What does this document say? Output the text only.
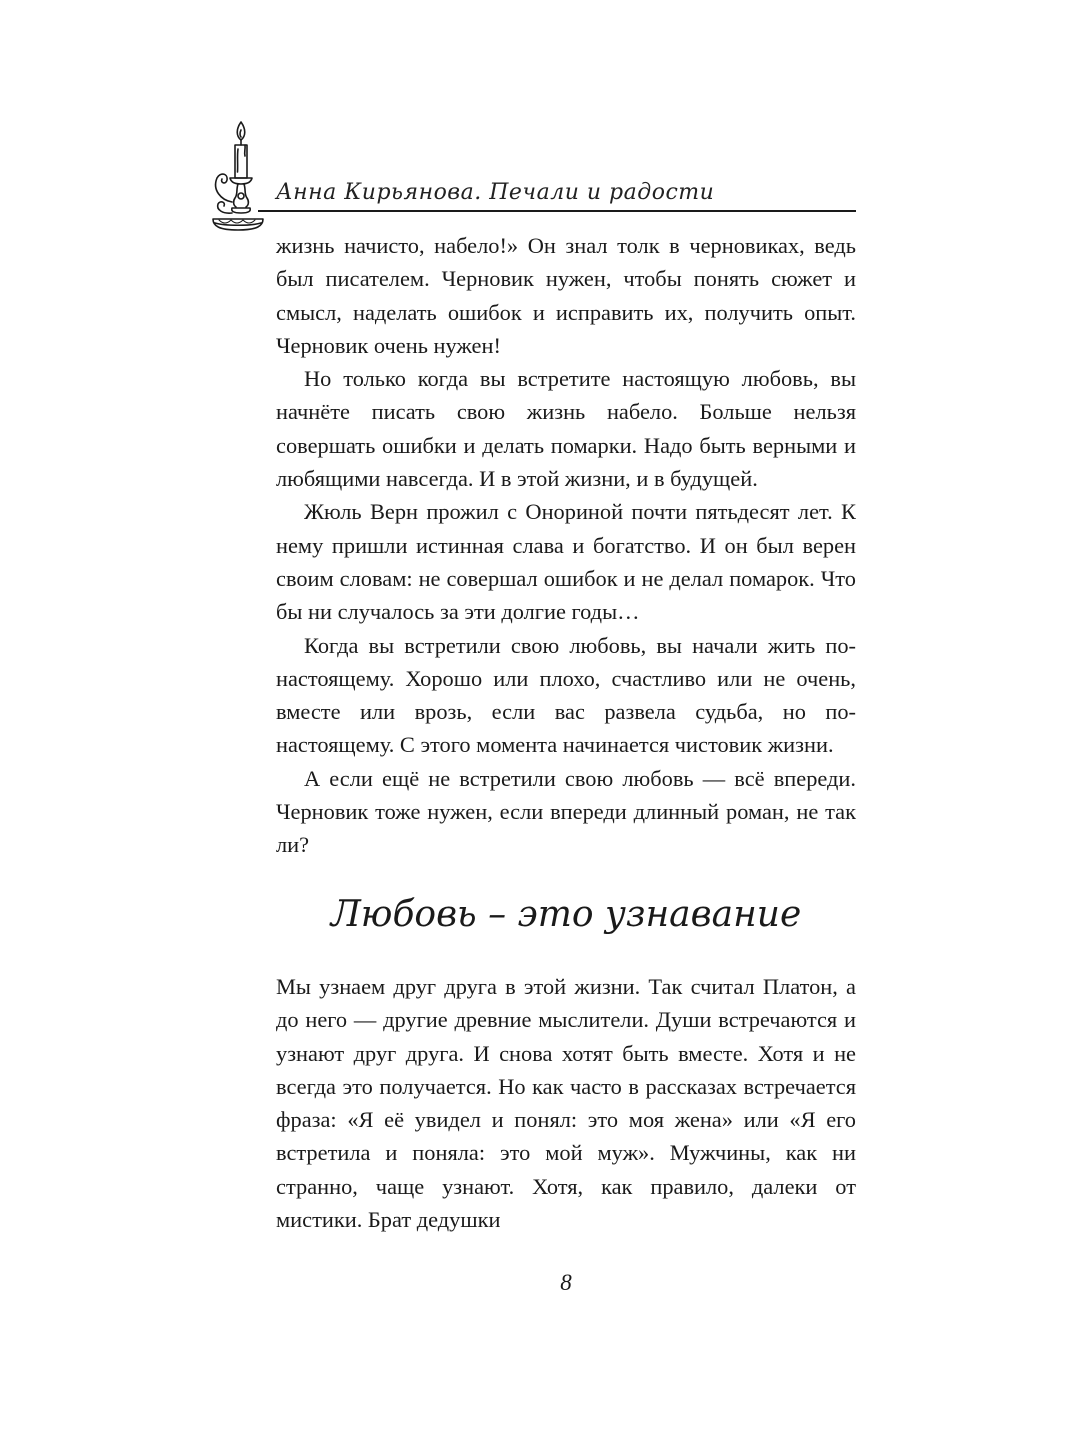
Анна Кирьянова. Печали и радости

жизнь начисто, набело!» Он знал толк в черновиках, ведь был писателем. Черновик нужен, чтобы понять сюжет и смысл, наделать ошибок и исправить их, получить опыт. Черновик очень нужен!

Но только когда вы встретите настоящую любовь, вы начнёте писать свою жизнь набело. Больше нельзя совершать ошибки и делать помарки. Надо быть верными и любящими навсегда. И в этой жизни, и в будущей.

Жюль Верн прожил с Онориной почти пятьдесят лет. К нему пришли истинная слава и богатство. И он был верен своим словам: не совершал ошибок и не делал помарок. Что бы ни случалось за эти долгие годы…

Когда вы встретили свою любовь, вы начали жить по-настоящему. Хорошо или плохо, счастливо или не очень, вместе или врозь, если вас развела судьба, но по-настоящему. С этого момента начинается чистовик жизни.

А если ещё не встретили свою любовь — всё впереди. Черновик тоже нужен, если впереди длинный роман, не так ли?

Любовь – это узнавание

Мы узнаем друг друга в этой жизни. Так считал Платон, а до него — другие древние мыслители. Души встречаются и узнают друг друга. И снова хотят быть вместе. Хотя и не всегда это получается. Но как часто в рассказах встречается фраза: «Я её увидел и понял: это моя жена» или «Я его встретила и поняла: это мой муж». Мужчины, как ни странно, чаще узнают. Хотя, как правило, далеки от мистики. Брат дедушки

8
